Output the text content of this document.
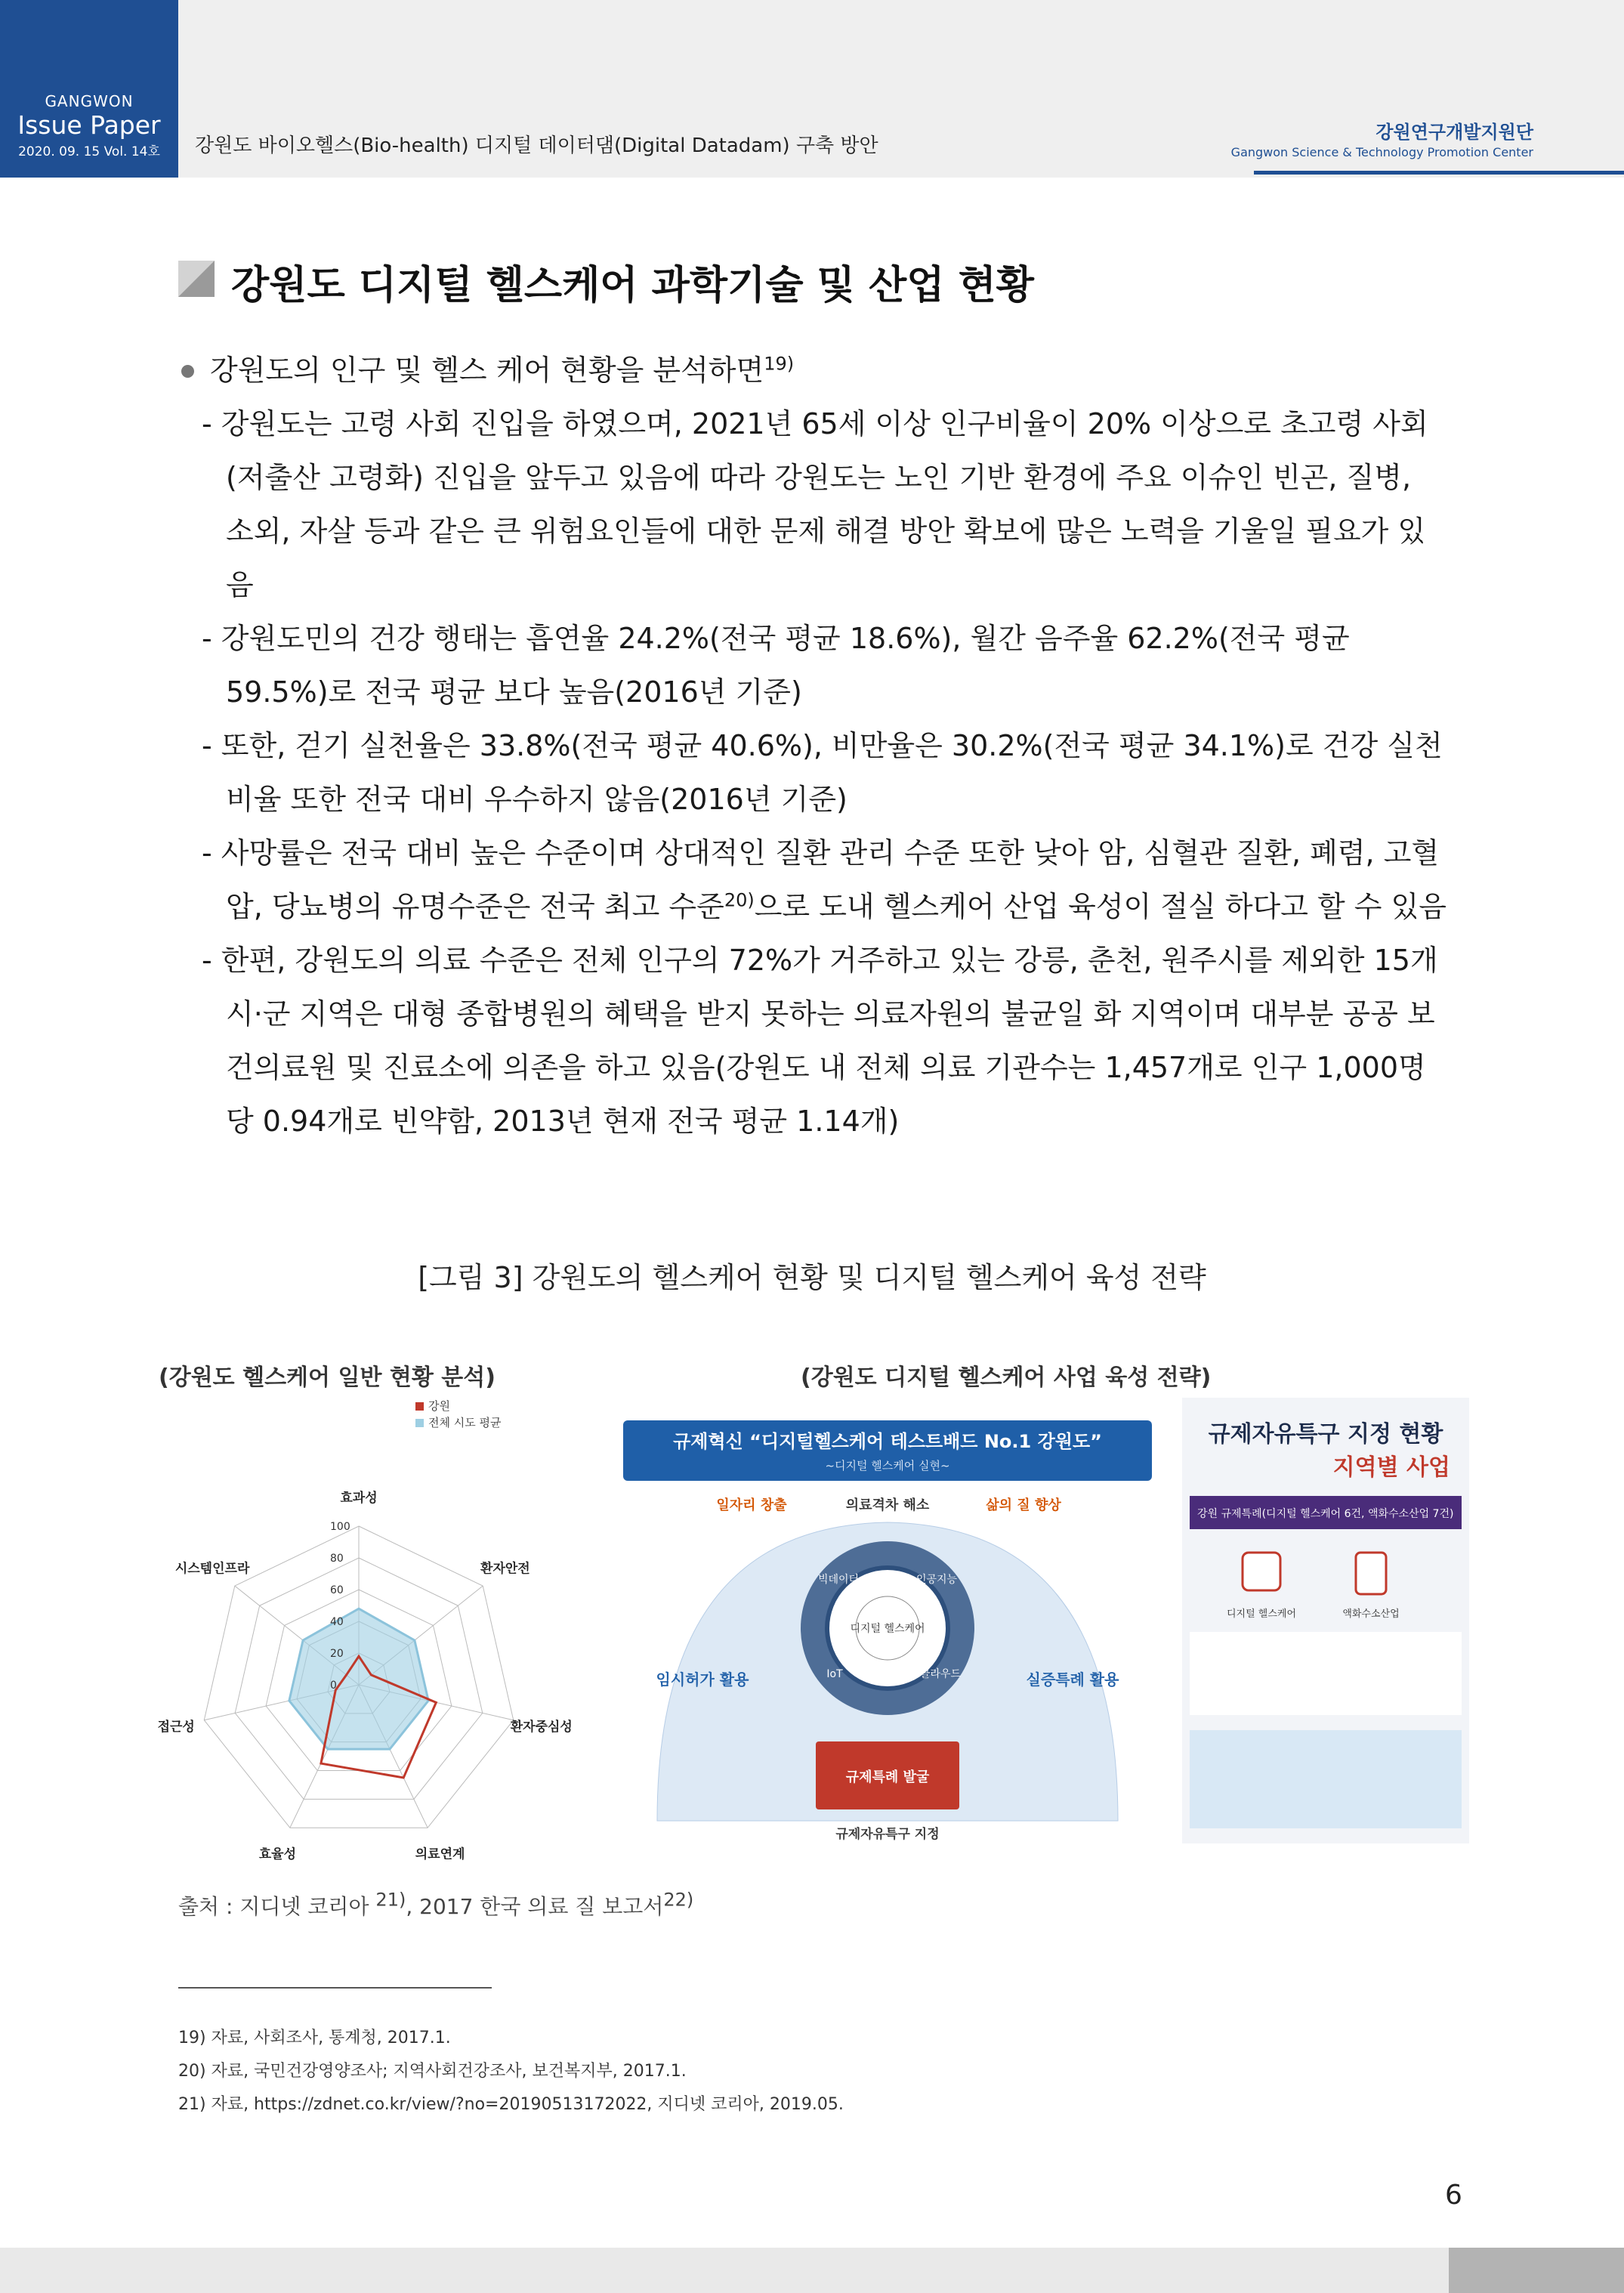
GANGWON
Issue Paper
2020. 09. 15 Vol. 14호	강원도 바이오헬스(Bio-health) 디지털 데이터댐(Digital Datadam) 구축 방안
강원연구개발지원단
Gangwon Science & Technology Promotion Center
강원도 디지털 헬스케어 과학기술 및 산업 현황
강원도의 인구 및 헬스 케어 현황을 분석하면$^{19)}$
- 강원도는 고령 사회 진입을 하였으며, 2021년 65세 이상 인구비율이 20% 이상으로 초고령 사회(저출산 고령화) 진입을 앞두고 있음에 따라 강원도는 노인 기반 환경에 주요 이슈인 빈곤, 질병, 소외, 자살 등과 같은 큰 위험요인들에 대한 문제 해결 방안 확보에 많은 노력을 기울일 필요가 있음
- 강원도민의 건강 행태는 흡연율 24.2%(전국 평균 18.6%), 월간 음주율 62.2%(전국 평균 59.5%)로 전국 평균 보다 높음(2016년 기준)
- 또한, 걷기 실천율은 33.8%(전국 평균 40.6%), 비만율은 30.2%(전국 평균 34.1%)로 건강 실천 비율 또한 전국 대비 우수하지 않음(2016년 기준)
- 사망률은 전국 대비 높은 수준이며 상대적인 질환 관리 수준 또한 낮아 암, 심혈관 질환, 폐렴, 고혈압, 당뇨병의 유명수준은 전국 최고 수준$^{20)}$으로 도내 헬스케어 산업 육성이 절실 하다고 할 수 있음
- 한편, 강원도의 의료 수준은 전체 인구의 72%가 거주하고 있는 강릉, 춘천, 원주시를 제외한 15개 시·군 지역은 대형 종합병원의 혜택을 받지 못하는 의료자원의 불균일 화 지역이며 대부분 공공 보건의료원 및 진료소에 의존을 하고 있음(강원도 내 전체 의료 기관수는 1,457개로 인구 1,000명당 0.94개로 빈약함, 2013년 현재 전국 평균 1.14개)
[그림 3] 강원도의 헬스케어 현황 및 디지털 헬스케어 육성 전략
(강원도 헬스케어 일반 현황 분석)	(강원도 디지털 헬스케어 사업 육성 전략)
100
80
60
40
20
0
효과성
환자안전
환자중심성
의료연계
효율성
접근성
시스템인프라
강원
전체 시도 평균
규제혁신 “디지털헬스케어 테스트배드 No.1 강원도”
~디지털 헬스케어 실현~
일자리 창출	의료격차 해소	삶의 질 향상
디지털 헬스케어
빅데이터	인공지능
IoT	클라우드
임시허가 활용	실증특례 활용
규제특례 발굴
규제자유특구 지정
규제자유특구 지정 현황
지역별 사업
강원 규제특례(디지털 헬스케어 6건, 액화수소산업 7건)
디지털 헬스케어	액화수소산업
출처 : 지디넷 코리아 $^{21)}$, 2017 한국 의료 질 보고서$^{22)}$
19) 자료, 사회조사, 통계청, 2017.1.
20) 자료, 국민건강영양조사; 지역사회건강조사, 보건복지부, 2017.1.
21) 자료, https://zdnet.co.kr/view/?no=20190513172022, 지디넷 코리아, 2019.05.
6
